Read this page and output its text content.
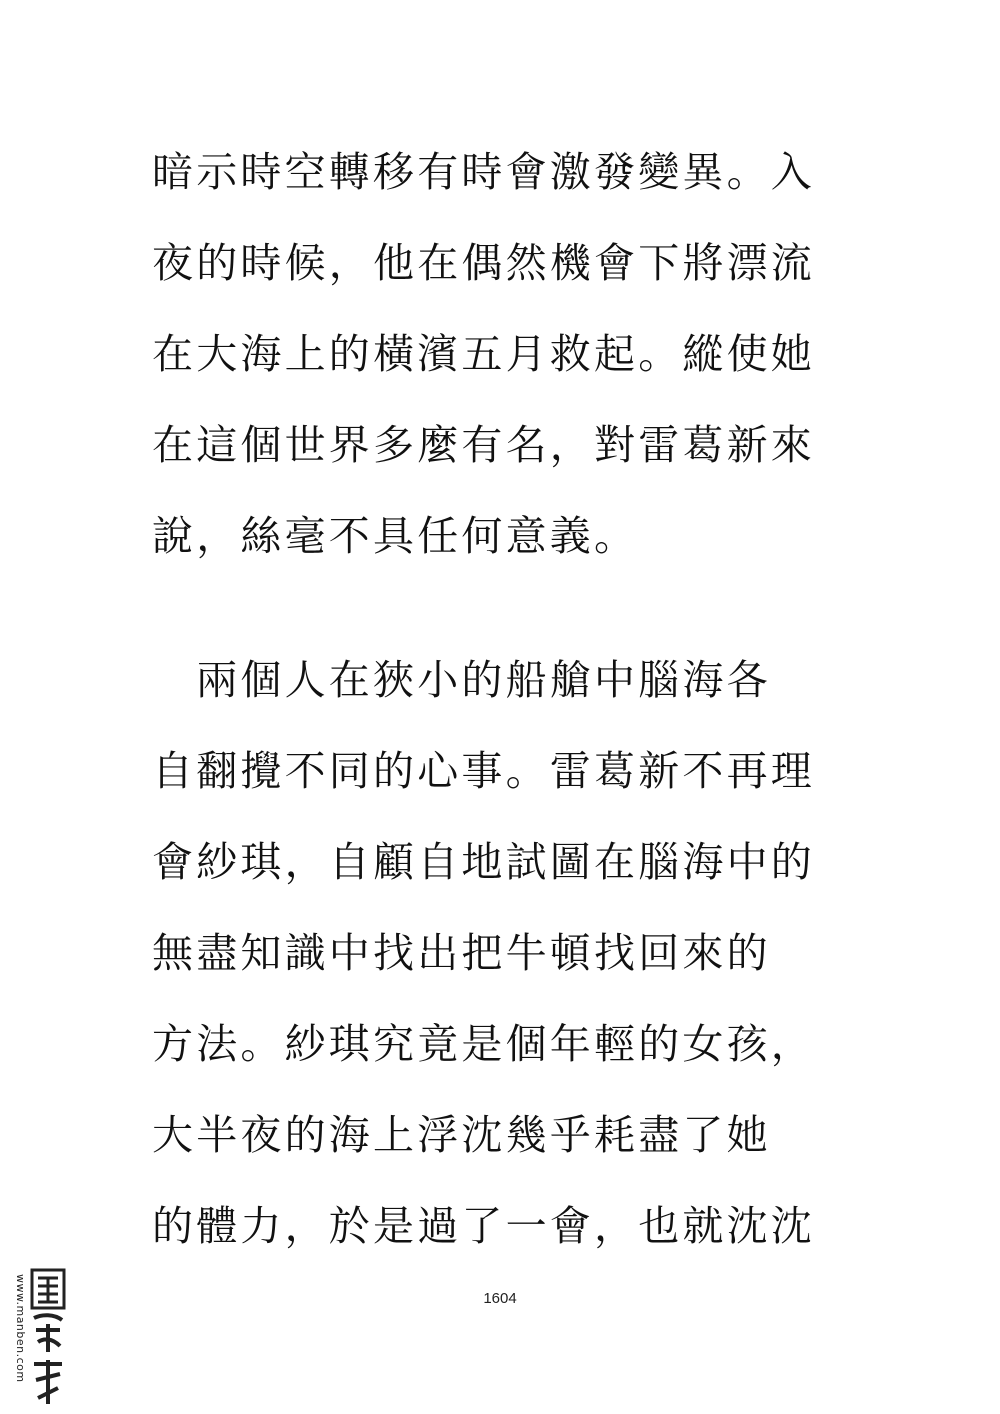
暗示時空轉移有時會激發變異。入
夜的時候，他在偶然機會下將漂流
在大海上的橫濱五月救起。縱使她
在這個世界多麼有名，對雷葛新來
說，絲毫不具任何意義。
　兩個人在狹小的船艙中腦海各
自翻攪不同的心事。雷葛新不再理
會紗琪，自顧自地試圖在腦海中的
無盡知識中找出把牛頓找回來的
方法。紗琪究竟是個年輕的女孩，
大半夜的海上浮沈幾乎耗盡了她
的體力，於是過了一會，也就沈沈
1604
www.manben.com
